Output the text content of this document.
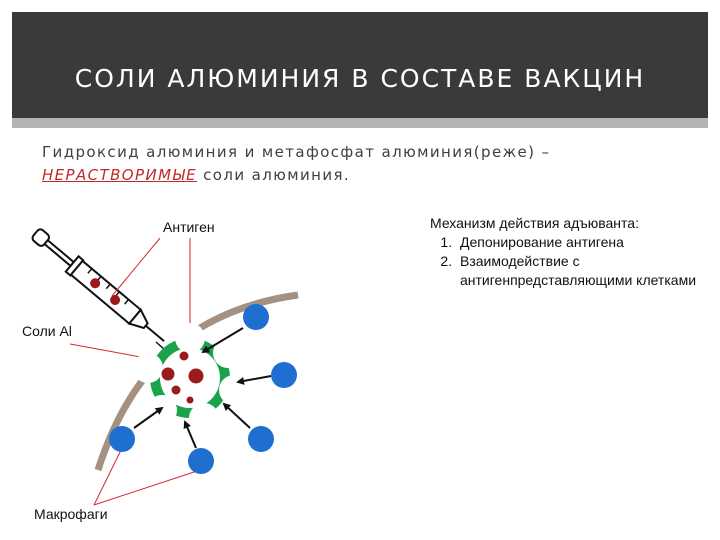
СОЛИ АЛЮМИНИЯ В СОСТАВЕ ВАКЦИН
Гидроксид алюминия и метафосфат алюминия(реже) –
НЕРАСТВОРИМЫЕ соли алюминия.
Антиген
Соли Al
Макрофаги
Механизм действия адъюванта:
1. Депонирование антигена
2. Взаимодействие с антигенпредставляющими клетками
